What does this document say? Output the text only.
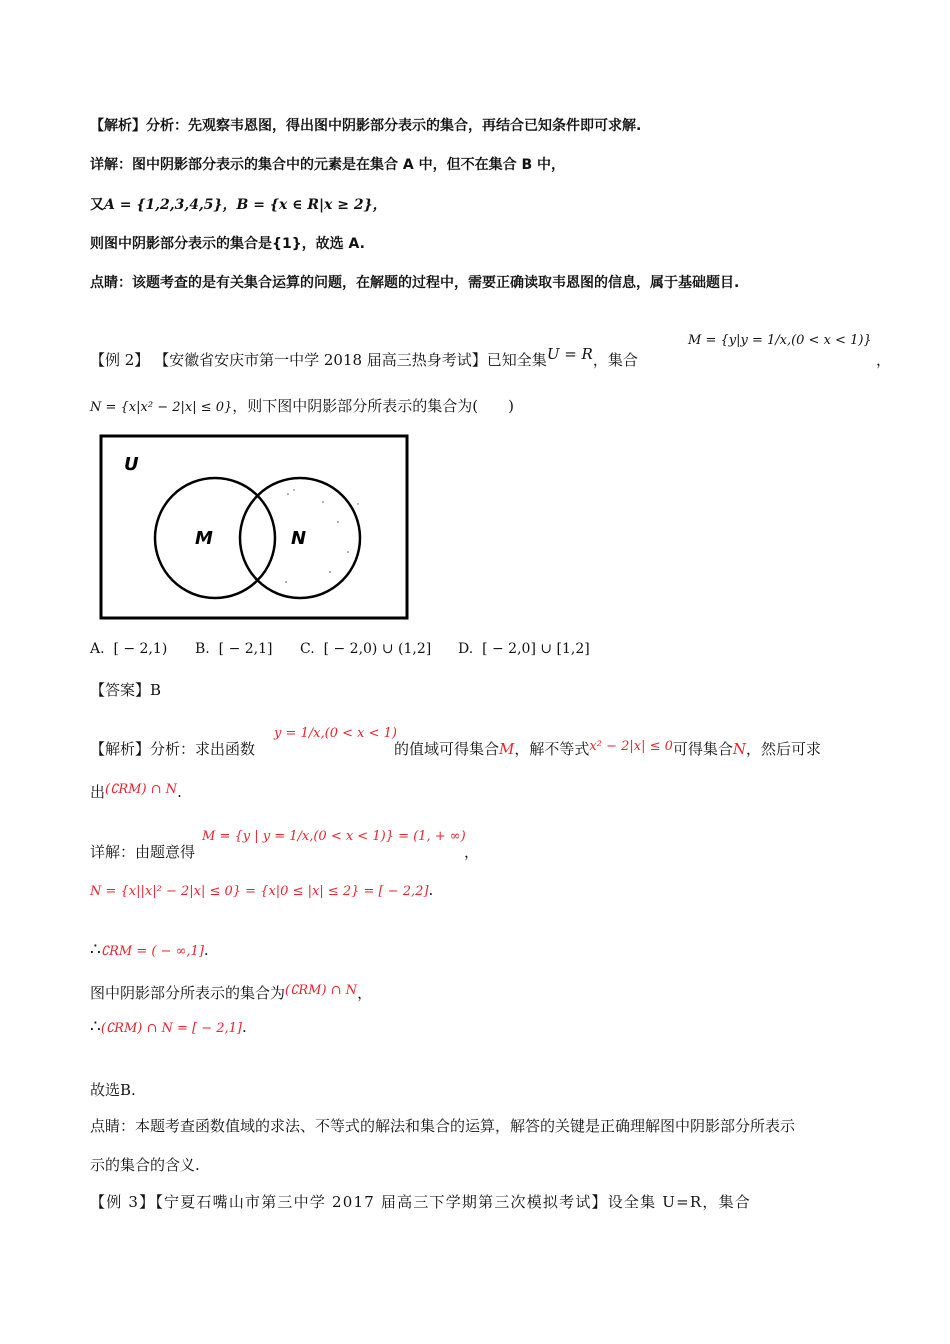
【解析】分析：先观察韦恩图，得出图中阴影部分表示的集合，再结合已知条件即可求解.
详解：图中阴影部分表示的集合中的元素是在集合 A 中，但不在集合 B 中，
又A = {1,2,3,4,5}，B = {x ∈ R|x ≥ 2}，
则图中阴影部分表示的集合是{1}，故选 A.
点睛：该题考查的是有关集合运算的问题，在解题的过程中，需要正确读取韦恩图的信息，属于基础题目.
【例 2】 【安徽省安庆市第一中学 2018 届高三热身考试】已知全集U = R，集合
M = {y|y = 1/x,(0 < x < 1)}
，
N = {x|x² − 2|x| ≤ 0}，则下图中阴影部分所表示的集合为(　　)
U
M	N
A. [ − 2,1) B. [ − 2,1] C. [ − 2,0) ∪ (1,2] D. [ − 2,0] ∪ [1,2]
【答案】B
【解析】分析：求出函数
y = 1/x,(0 < x < 1)
的值域可得集合M，解不等式x² − 2|x| ≤ 0可得集合N，然后可求
出(∁RM) ∩ N.
详解：由题意得
M = {y | y = 1/x,(0 < x < 1)} = (1, + ∞)
，
N = {x||x|² − 2|x| ≤ 0} = {x|0 ≤ |x| ≤ 2} = [ − 2,2].
∴∁RM = ( − ∞,1].
图中阴影部分所表示的集合为(∁RM) ∩ N，
∴(∁RM) ∩ N = [ − 2,1].
故选B.
点睛：本题考查函数值域的求法、不等式的解法和集合的运算，解答的关键是正确理解图中阴影部分所表示
示的集合的含义.
【例 3】【宁夏石嘴山市第三中学 2017 届高三下学期第三次模拟考试】设全集 U=R，集合
